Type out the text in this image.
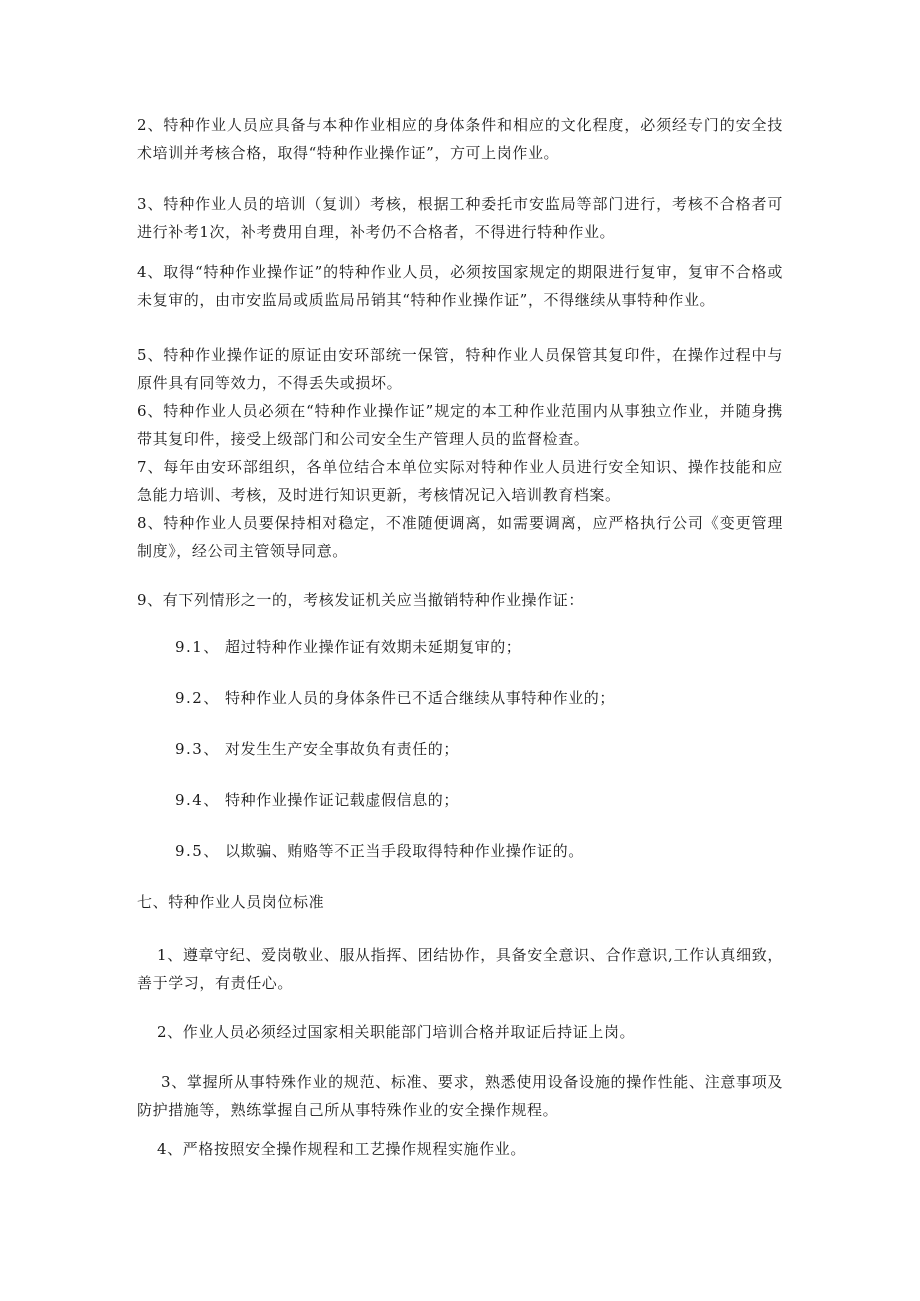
2、特种作业人员应具备与本种作业相应的身体条件和相应的文化程度，必须经专门的安全技术培训并考核合格，取得“特种作业操作证”，方可上岗作业。

3、特种作业人员的培训（复训）考核，根据工种委托市安监局等部门进行，考核不合格者可进行补考1次，补考费用自理，补考仍不合格者，不得进行特种作业。

4、取得“特种作业操作证”的特种作业人员，必须按国家规定的期限进行复审，复审不合格或未复审的，由市安监局或质监局吊销其“特种作业操作证”，不得继续从事特种作业。

5、特种作业操作证的原证由安环部统一保管，特种作业人员保管其复印件，在操作过程中与原件具有同等效力，不得丢失或损坏。

6、特种作业人员必须在“特种作业操作证”规定的本工种作业范围内从事独立作业，并随身携带其复印件，接受上级部门和公司安全生产管理人员的监督检查。

7、每年由安环部组织，各单位结合本单位实际对特种作业人员进行安全知识、操作技能和应急能力培训、考核，及时进行知识更新，考核情况记入培训教育档案。

8、特种作业人员要保持相对稳定，不准随便调离，如需要调离，应严格执行公司《变更管理制度》，经公司主管领导同意。

9、有下列情形之一的，考核发证机关应当撤销特种作业操作证：

9.1、 超过特种作业操作证有效期未延期复审的；

9.2、 特种作业人员的身体条件已不适合继续从事特种作业的；

9.3、 对发生生产安全事故负有责任的；

9.4、 特种作业操作证记载虚假信息的；

9.5、 以欺骗、贿赂等不正当手段取得特种作业操作证的。

七、特种作业人员岗位标准

1、遵章守纪、爱岗敬业、服从指挥、团结协作，具备安全意识、合作意识,工作认真细致，善于学习，有责任心。

2、作业人员必须经过国家相关职能部门培训合格并取证后持证上岗。

3、掌握所从事特殊作业的规范、标准、要求，熟悉使用设备设施的操作性能、注意事项及防护措施等，熟练掌握自己所从事特殊作业的安全操作规程。

4、严格按照安全操作规程和工艺操作规程实施作业。
